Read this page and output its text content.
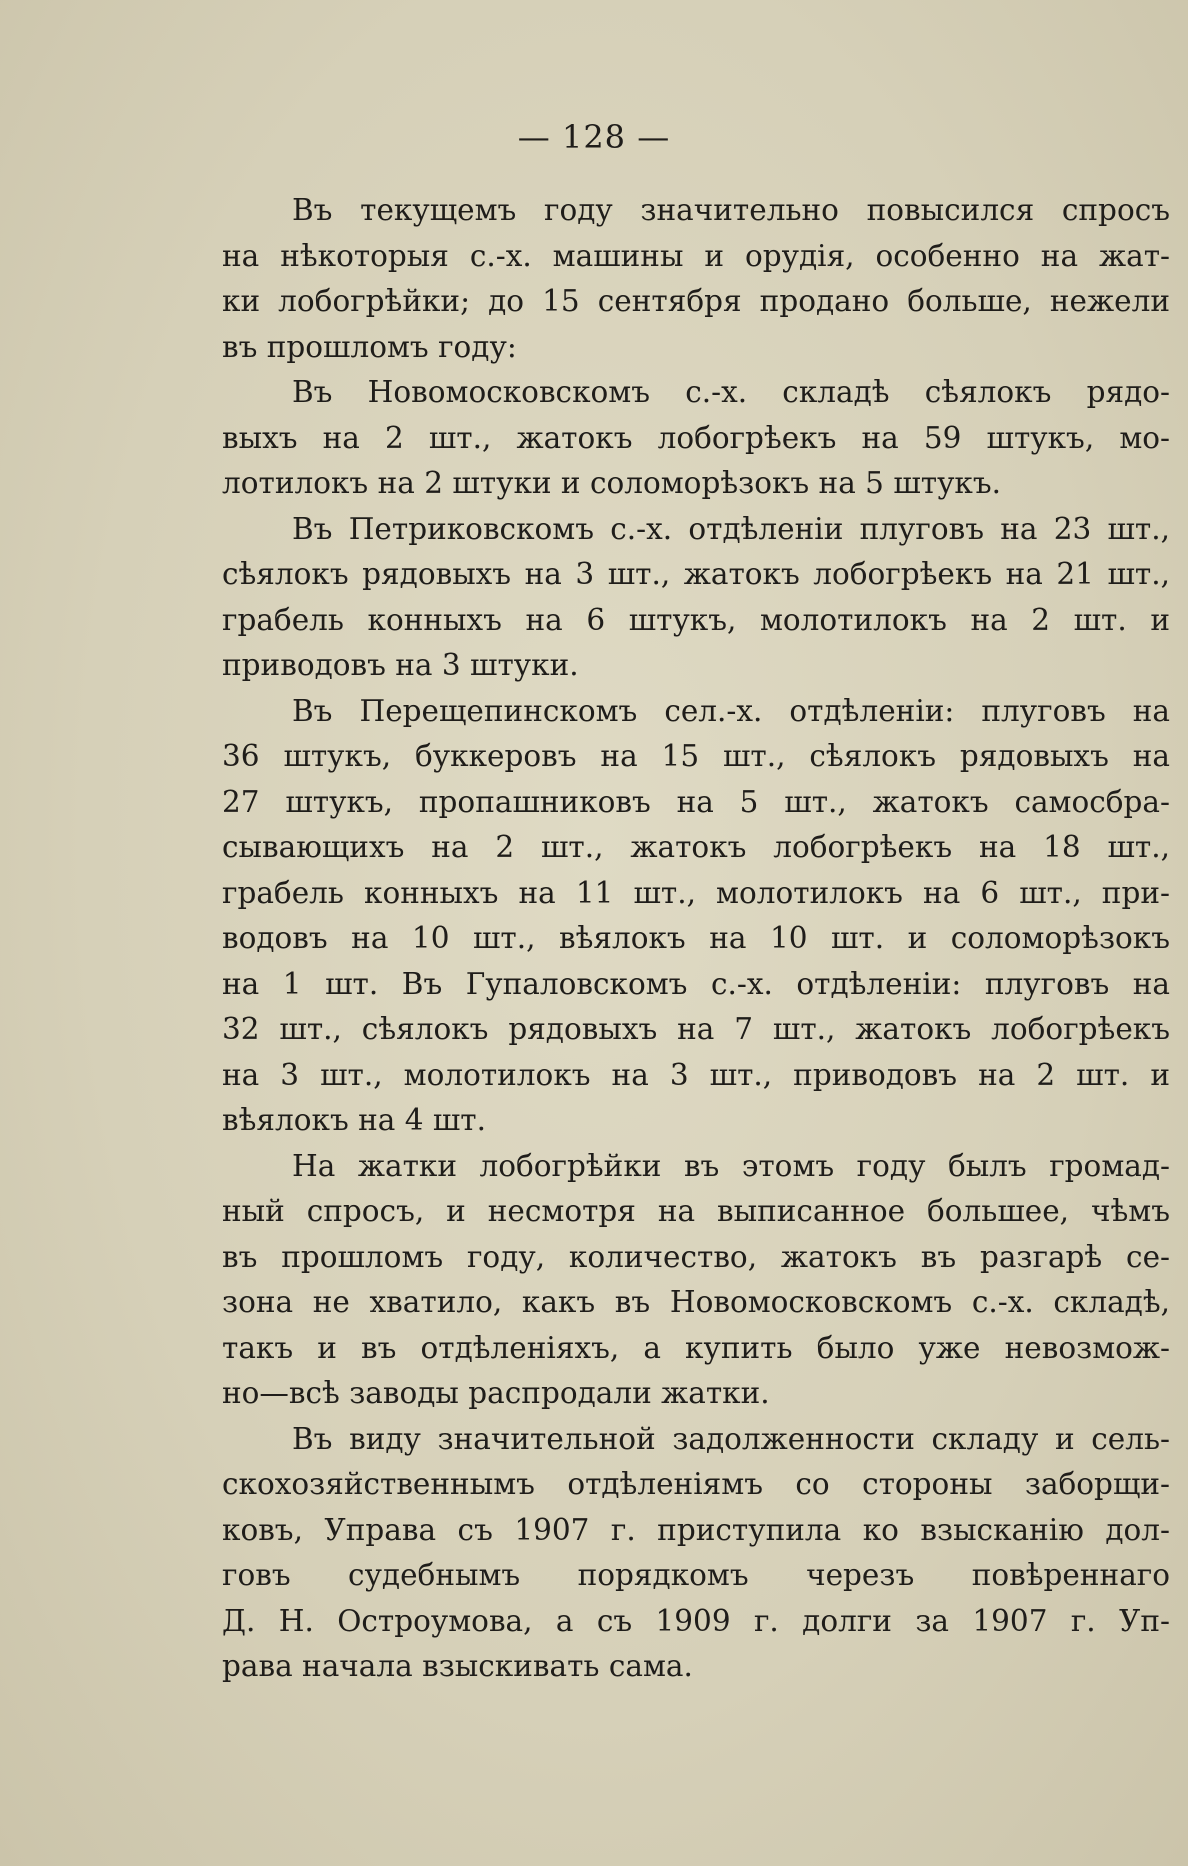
— 128 —
Въ текущемъ году значительно повысился спросъ
на нѣкоторыя с.-х. машины и орудія, особенно на жат-
ки лобогрѣйки; до 15 сентября продано больше, нежели
въ прошломъ году:
Въ Новомосковскомъ с.-х. складѣ сѣялокъ рядо-
выхъ на 2 шт., жатокъ лобогрѣекъ на 59 штукъ, мо-
лотилокъ на 2 штуки и соломорѣзокъ на 5 штукъ.
Въ Петриковскомъ с.-х. отдѣленіи плуговъ на 23 шт.,
сѣялокъ рядовыхъ на 3 шт., жатокъ лобогрѣекъ на 21 шт.,
грабель конныхъ на 6 штукъ, молотилокъ на 2 шт. и
приводовъ на 3 штуки.
Въ Перещепинскомъ сел.-х. отдѣленіи: плуговъ на
36 штукъ, буккеровъ на 15 шт., сѣялокъ рядовыхъ на
27 штукъ, пропашниковъ на 5 шт., жатокъ самосбра-
сывающихъ на 2 шт., жатокъ лобогрѣекъ на 18 шт.,
грабель конныхъ на 11 шт., молотилокъ на 6 шт., при-
водовъ на 10 шт., вѣялокъ на 10 шт. и соломорѣзокъ
на 1 шт. Въ Гупаловскомъ с.-х. отдѣленіи: плуговъ на
32 шт., сѣялокъ рядовыхъ на 7 шт., жатокъ лобогрѣекъ
на 3 шт., молотилокъ на 3 шт., приводовъ на 2 шт. и
вѣялокъ на 4 шт.
На жатки лобогрѣйки въ этомъ году былъ громад-
ный спросъ, и несмотря на выписанное большее, чѣмъ
въ прошломъ году, количество, жатокъ въ разгарѣ се-
зона не хватило, какъ въ Новомосковскомъ с.-х. складѣ,
такъ и въ отдѣленіяхъ, а купить было уже невозмож-
но—всѣ заводы распродали жатки.
Въ виду значительной задолженности складу и сель-
скохозяйственнымъ отдѣленіямъ со стороны заборщи-
ковъ, Управа съ 1907 г. приступила ко взысканію дол-
говъ судебнымъ порядкомъ черезъ повѣреннаго
Д. Н. Остроумова, а съ 1909 г. долги за 1907 г. Уп-
рава начала взыскивать сама.
